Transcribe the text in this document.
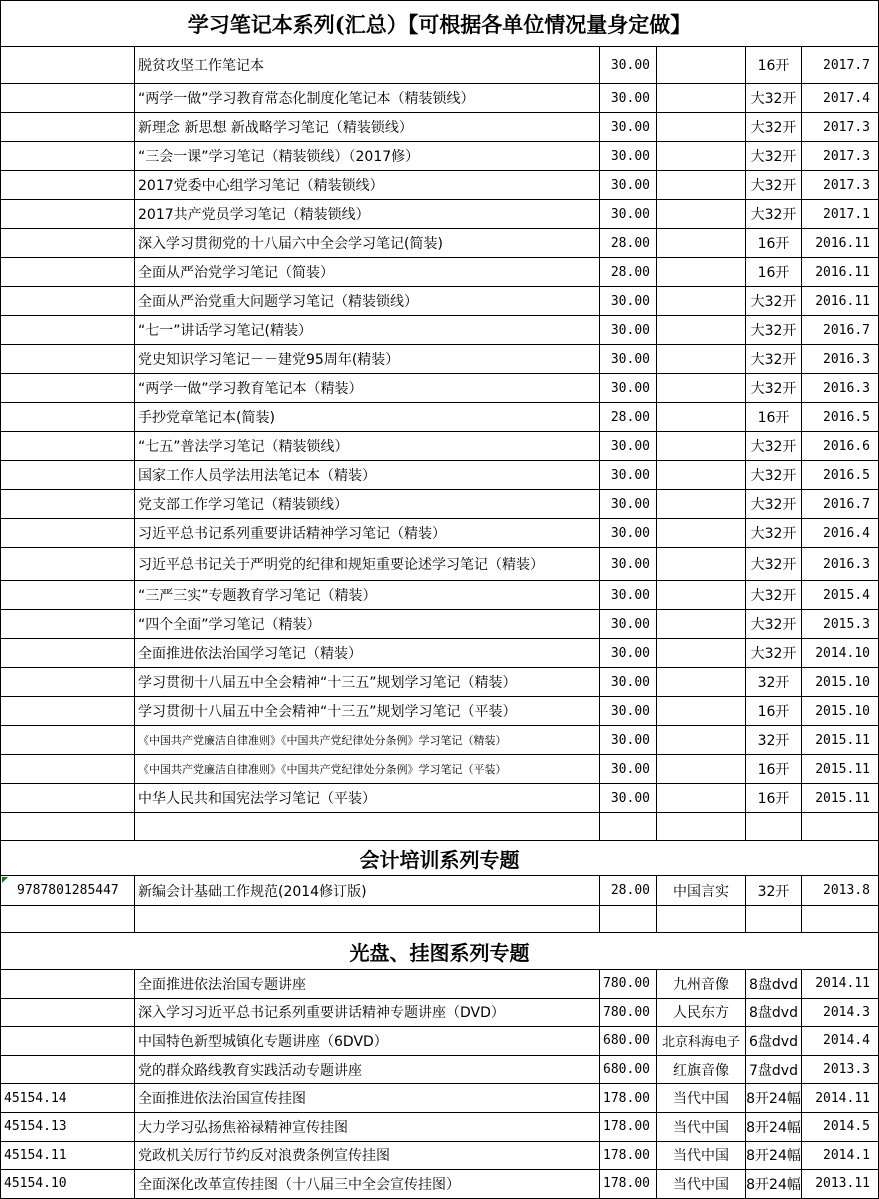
学习笔记本系列(汇总）【可根据各单位情况量身定做】
脱贫攻坚工作笔记本	30.00	16开	2017.7
“两学一做”学习教育常态化制度化笔记本（精装锁线）	30.00	大32开	2017.4
新理念 新思想 新战略学习笔记（精装锁线）	30.00	大32开	2017.3
“三会一课”学习笔记（精装锁线）（2017修）	30.00	大32开	2017.3
2017党委中心组学习笔记（精装锁线）	30.00	大32开	2017.3
2017共产党员学习笔记（精装锁线）	30.00	大32开	2017.1
深入学习贯彻党的十八届六中全会学习笔记(简装)	28.00	16开	2016.11
全面从严治党学习笔记（简装）	28.00	16开	2016.11
全面从严治党重大问题学习笔记（精装锁线）	30.00	大32开	2016.11
“七一”讲话学习笔记(精装）	30.00	大32开	2016.7
党史知识学习笔记－－建党95周年(精装）	30.00	大32开	2016.3
“两学一做”学习教育笔记本（精装）	30.00	大32开	2016.3
手抄党章笔记本(简装)	28.00	16开	2016.5
“七五”普法学习笔记（精装锁线）	30.00	大32开	2016.6
国家工作人员学法用法笔记本（精装）	30.00	大32开	2016.5
党支部工作学习笔记（精装锁线）	30.00	大32开	2016.7
习近平总书记系列重要讲话精神学习笔记（精装）	30.00	大32开	2016.4
习近平总书记关于严明党的纪律和规矩重要论述学习笔记（精装）	30.00	大32开	2016.3
“三严三实”专题教育学习笔记（精装）	30.00	大32开	2015.4
“四个全面”学习笔记（精装）	30.00	大32开	2015.3
全面推进依法治国学习笔记（精装）	30.00	大32开	2014.10
学习贯彻十八届五中全会精神“十三五”规划学习笔记（精装）	30.00	32开	2015.10
学习贯彻十八届五中全会精神“十三五”规划学习笔记（平装）	30.00	16开	2015.10
《中国共产党廉洁自律准则》《中国共产党纪律处分条例》学习笔记（精装）	30.00	32开	2015.11
《中国共产党廉洁自律准则》《中国共产党纪律处分条例》学习笔记（平装）	30.00	16开	2015.11
中华人民共和国宪法学习笔记（平装）	30.00	16开	2015.11
会计培训系列专题
9787801285447	新编会计基础工作规范(2014修订版)	28.00	中国言实	32开	2013.8
光盘、挂图系列专题
全面推进依法治国专题讲座	780.00	九州音像	8盘dvd	2014.11
深入学习习近平总书记系列重要讲话精神专题讲座（DVD）	780.00	人民东方	8盘dvd	2014.3
中国特色新型城镇化专题讲座（6DVD）	680.00 北京科海电子 6盘dvd	2014.4
党的群众路线教育实践活动专题讲座	680.00	红旗音像	7盘dvd	2013.3
45154.14	全面推进依法治国宣传挂图	178.00	当代中国	8开24幅	2014.11
45154.13	大力学习弘扬焦裕禄精神宣传挂图	178.00	当代中国	8开24幅	2014.5
45154.11	党政机关厉行节约反对浪费条例宣传挂图	178.00	当代中国	8开24幅	2014.1
45154.10	全面深化改革宣传挂图（十八届三中全会宣传挂图）	178.00	当代中国	8开24幅	2013.11
